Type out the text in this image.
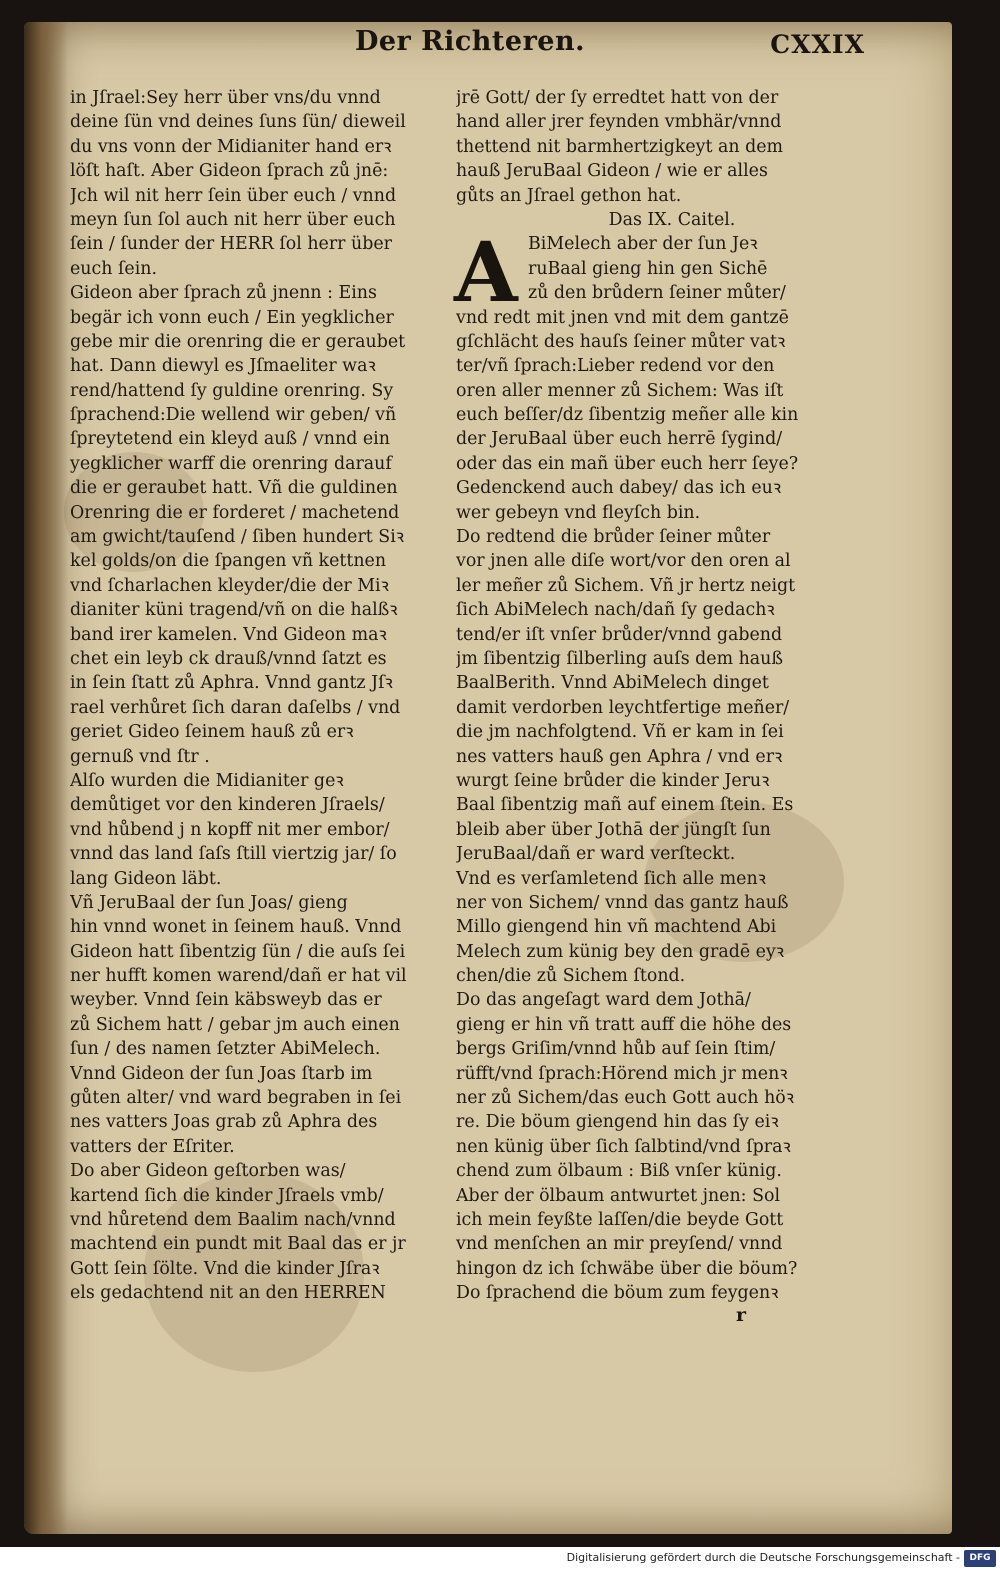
Der Richteren.	CXXIX
in Jſrael:Sey herr über vns/du vnnd
deine ſün vnd deines ſuns ſün/ dieweil
du vns vonn der Midianiter hand erꝛ
löſt haſt. Aber Gideon ſprach zů jnē:
Jch wil nit herr ſein über euch / vnnd
meyn ſun ſol auch nit herr über euch
ſein / ſunder der HERR ſol herr über
euch ſein.
Gideon aber ſprach zů jnenn : Eins
begär ich vonn euch / Ein yegklicher
gebe mir die orenring die er geraubet
hat. Dann diewyl es Jſmaeliter waꝛ
rend/hattend ſy guldine orenring. Sy
ſprachend:Die wellend wir geben/ vñ
ſpreytetend ein kleyd auß / vnnd ein
yegklicher warff die orenring darauf
die er geraubet hatt. Vñ die guldinen
Orenring die er forderet / machetend
am gwicht/tauſend / ſiben hundert Siꝛ
kel golds/on die ſpangen vñ kettnen
vnd ſcharlachen kleyder/die der Miꝛ
dianiter küni tragend/vñ on die halßꝛ
band irer kamelen. Vnd Gideon maꝛ
chet ein leyb ck drauß/vnnd ſatzt es
in ſein ſtatt zů Aphra. Vnnd gantz Jſꝛ
rael verhůret ſich daran daſelbs / vnd
geriet Gideo ſeinem hauß zů erꝛ
gernuß vnd ſtr .
Alſo wurden die Midianiter geꝛ
demůtiget vor den kinderen Jſraels/
vnd hůbend j n kopff nit mer embor/
vnnd das land ſaſs ſtill viertzig jar/ ſo
lang Gideon läbt.
Vñ JeruBaal der ſun Joas/ gieng
hin vnnd wonet in ſeinem hauß. Vnnd
Gideon hatt ſibentzig ſün / die auſs ſei
ner hufft komen warend/dañ er hat vil
weyber. Vnnd ſein käbsweyb das er
zů Sichem hatt / gebar jm auch einen
ſun / des namen ſetzter AbiMelech.
Vnnd Gideon der ſun Joas ſtarb im
gůten alter/ vnd ward begraben in ſei
nes vatters Joas grab zů Aphra des
vatters der Eſriter.
Do aber Gideon geſtorben was/
kartend ſich die kinder Jſraels vmb/
vnd hůretend dem Baalim nach/vnnd
machtend ein pundt mit Baal das er jr
Gott ſein ſölte. Vnd die kinder Jſraꝛ
els gedachtend nit an den HERREN
jrē Gott/ der ſy erredtet hatt von der
hand aller jrer feynden vmbhär/vnnd
thettend nit barmhertzigkeyt an dem
hauß JeruBaal Gideon / wie er alles
gůts an Jſrael gethon hat.
Das IX. Caitel.
A BiMelech aber der ſun Jeꝛ
ruBaal gieng hin gen Sichē
zů den brůdern ſeiner můter/
vnd redt mit jnen vnd mit dem gantzē
gſchlächt des hauſs ſeiner můter vatꝛ
ter/vñ ſprach:Lieber redend vor den
oren aller menner zů Sichem: Was iſt
euch beſſer/dz ſibentzig meñer alle kin
der JeruBaal über euch herrē ſygind/
oder das ein mañ über euch herr ſeye?
Gedenckend auch dabey/ das ich euꝛ
wer gebeyn vnd fleyſch bin.
Do redtend die brůder ſeiner můter
vor jnen alle diſe wort/vor den oren al
ler meñer zů Sichem. Vñ jr hertz neigt
ſich AbiMelech nach/dañ ſy gedachꝛ
tend/er iſt vnſer brůder/vnnd gabend
jm ſibentzig ſilberling auſs dem hauß
BaalBerith. Vnnd AbiMelech dinget
damit verdorben leychtfertige meñer/
die jm nachfolgtend. Vñ er kam in ſei
nes vatters hauß gen Aphra / vnd erꝛ
wurgt ſeine brůder die kinder Jeruꝛ
Baal ſibentzig mañ auf einem ſtein. Es
bleib aber über Jothā der jüngſt ſun
JeruBaal/dañ er ward verſteckt.
Vnd es verſamletend ſich alle menꝛ
ner von Sichem/ vnnd das gantz hauß
Millo giengend hin vñ machtend Abi
Melech zum künig bey den gradē eyꝛ
chen/die zů Sichem ſtond.
Do das angeſagt ward dem Jothā/
gieng er hin vñ tratt auff die höhe des
bergs Griſim/vnnd hůb auf ſein ſtim/
rüfft/vnd ſprach:Hörend mich jr menꝛ
ner zů Sichem/das euch Gott auch höꝛ
re. Die böum giengend hin das ſy eiꝛ
nen künig über ſich ſalbtind/vnd ſpraꝛ
chend zum ölbaum : Biß vnſer künig.
Aber der ölbaum antwurtet jnen: Sol
ich mein feyßte laſſen/die beyde Gott
vnd menſchen an mir preyſend/ vnnd
hingon dz ich ſchwäbe über die böum?
Do ſprachend die böum zum feygenꝛ
r
Digitalisierung gefördert durch die Deutsche Forschungsgemeinschaft -	DFG
